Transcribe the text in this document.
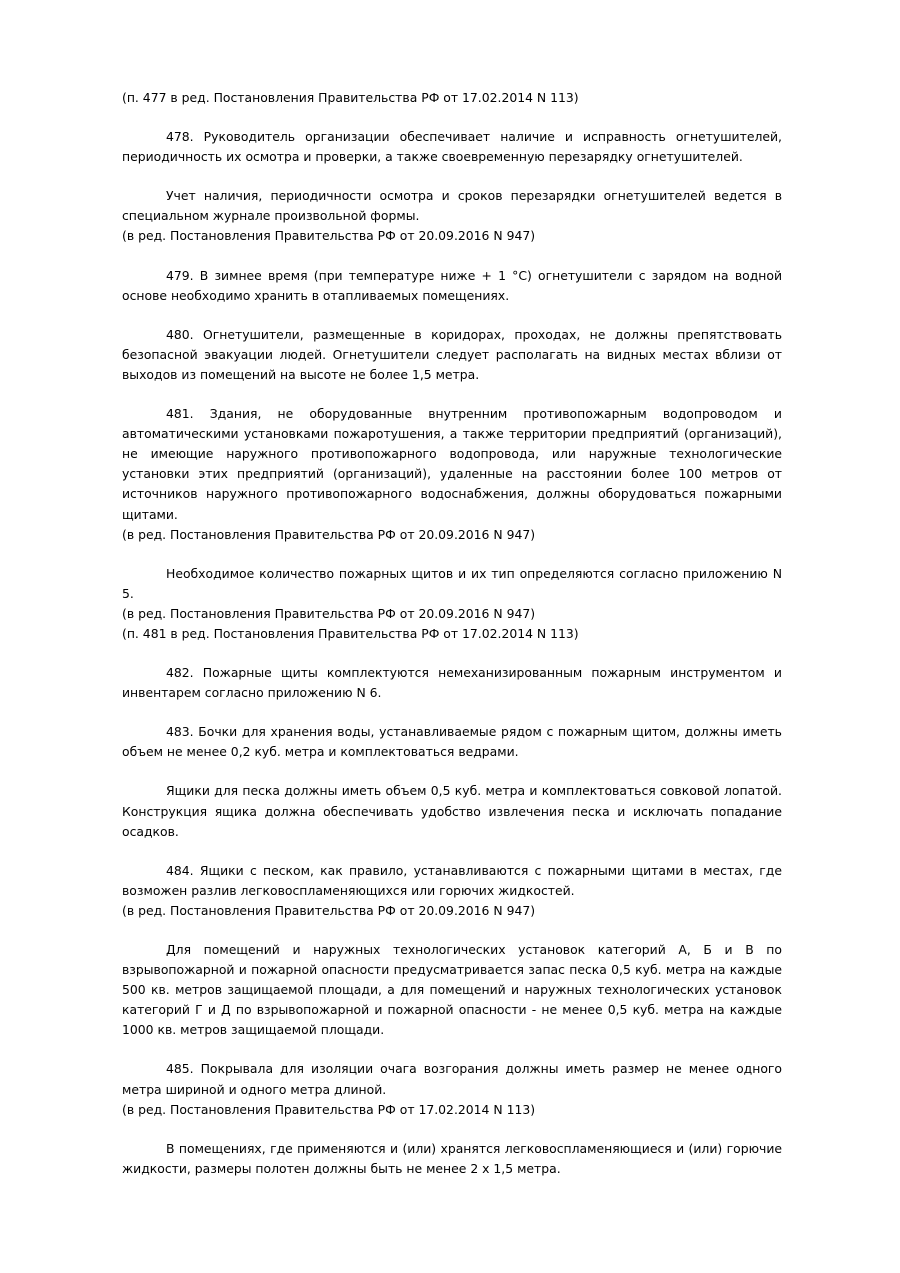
(п. 477 в ред. Постановления Правительства РФ от 17.02.2014 N 113)

478. Руководитель организации обеспечивает наличие и исправность огнетушителей, периодичность их осмотра и проверки, а также своевременную перезарядку огнетушителей.

Учет наличия, периодичности осмотра и сроков перезарядки огнетушителей ведется в специальном журнале произвольной формы.

(в ред. Постановления Правительства РФ от 20.09.2016 N 947)

479. В зимнее время (при температуре ниже + 1 °C) огнетушители с зарядом на водной основе необходимо хранить в отапливаемых помещениях.

480. Огнетушители, размещенные в коридорах, проходах, не должны препятствовать безопасной эвакуации людей. Огнетушители следует располагать на видных местах вблизи от выходов из помещений на высоте не более 1,5 метра.

481. Здания, не оборудованные внутренним противопожарным водопроводом и автоматическими установками пожаротушения, а также территории предприятий (организаций), не имеющие наружного противопожарного водопровода, или наружные технологические установки этих предприятий (организаций), удаленные на расстоянии более 100 метров от источников наружного противопожарного водоснабжения, должны оборудоваться пожарными щитами.

(в ред. Постановления Правительства РФ от 20.09.2016 N 947)

Необходимое количество пожарных щитов и их тип определяются согласно приложению N 5.

(в ред. Постановления Правительства РФ от 20.09.2016 N 947)

(п. 481 в ред. Постановления Правительства РФ от 17.02.2014 N 113)

482. Пожарные щиты комплектуются немеханизированным пожарным инструментом и инвентарем согласно приложению N 6.

483. Бочки для хранения воды, устанавливаемые рядом с пожарным щитом, должны иметь объем не менее 0,2 куб. метра и комплектоваться ведрами.

Ящики для песка должны иметь объем 0,5 куб. метра и комплектоваться совковой лопатой. Конструкция ящика должна обеспечивать удобство извлечения песка и исключать попадание осадков.

484. Ящики с песком, как правило, устанавливаются с пожарными щитами в местах, где возможен разлив легковоспламеняющихся или горючих жидкостей.

(в ред. Постановления Правительства РФ от 20.09.2016 N 947)

Для помещений и наружных технологических установок категорий А, Б и В по взрывопожарной и пожарной опасности предусматривается запас песка 0,5 куб. метра на каждые 500 кв. метров защищаемой площади, а для помещений и наружных технологических установок категорий Г и Д по взрывопожарной и пожарной опасности - не менее 0,5 куб. метра на каждые 1000 кв. метров защищаемой площади.

485. Покрывала для изоляции очага возгорания должны иметь размер не менее одного метра шириной и одного метра длиной.

(в ред. Постановления Правительства РФ от 17.02.2014 N 113)

В помещениях, где применяются и (или) хранятся легковоспламеняющиеся и (или) горючие жидкости, размеры полотен должны быть не менее 2 х 1,5 метра.
